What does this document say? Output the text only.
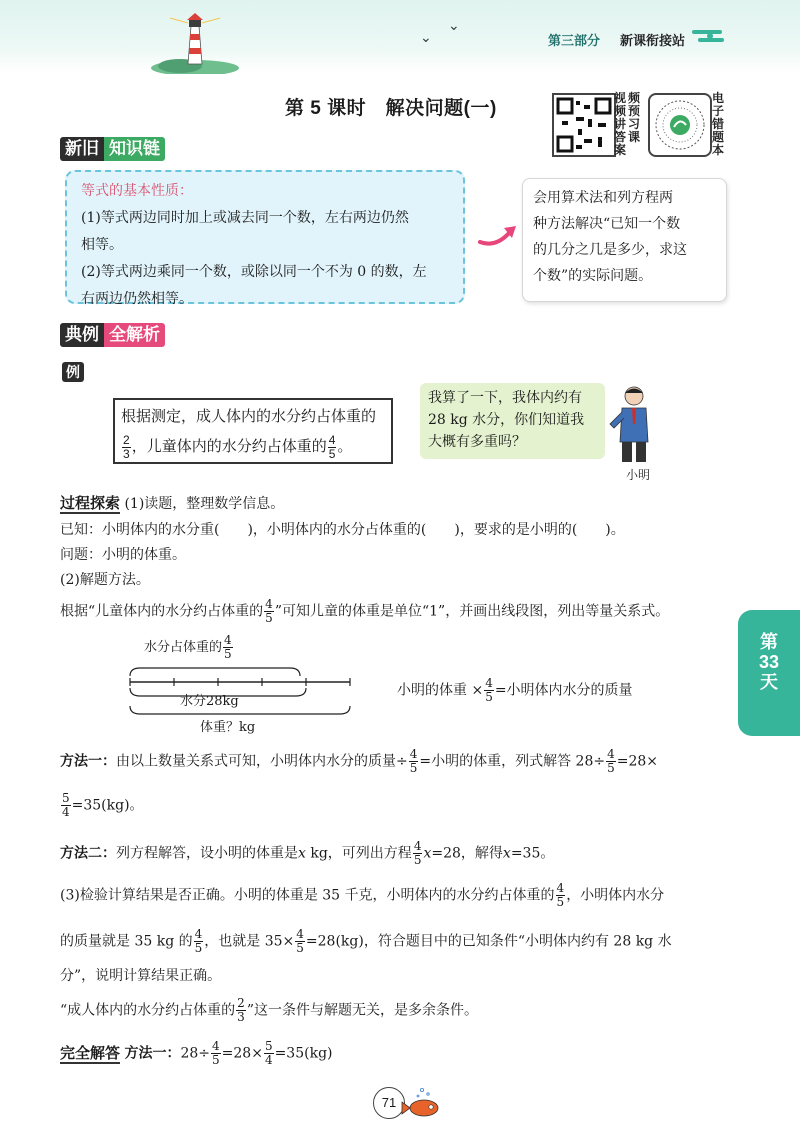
⌄
⌄
第三部分 新课衔接站
第 5 课时　解决问题(一)	视频讲答案
频预习课
电子错题本
新旧 知识链
等式的基本性质：
(1)等式两边同时加上或减去同一个数，左右两边仍然
相等。
(2)等式两边乘同一个数，或除以同一个不为 0 的数，左
右两边仍然相等。
会用算术法和列方程两
种方法解决“已知一个数
的几分之几是多少，求这
个数”的实际问题。
典例 全解析
例
根据测定，成人体内的水分约占体重的
$\frac{2}{3}$ ，儿童体内的水分约占体重的 $\frac{4}{5}$ 。
我算了一下，我体内约有
28 kg 水分，你们知道我
大概有多重吗？
小明
过程探索 (1)读题，整理数学信息。
已知：小明体内的水分重(　　)，小明体内的水分占体重的(　　)，要求的是小明的(　　)。
问题：小明的体重。
(2)解题方法。
根据“儿童体内的水分约占体重的 $\frac{4}{5}$ ”可知儿童的体重是单位“1”，并画出线段图，列出等量关系式。
水分占体重的 $\frac{4}{5}$
水分28kg
体重？kg
小明的体重 × $\frac{4}{5}$ =小明体内水分的质量
方法一：由以上数量关系式可知，小明体内水分的质量÷ $\frac{4}{5}$ =小明的体重，列式解答 $28\div \frac{4}{5} =28\times$
$\frac{5}{4} =35(kg)$。
方法二：列方程解答，设小明的体重是x kg，可列出方程 $\frac{4}{5} x=28$，解得x=35。
(3)检验计算结果是否正确。小明的体重是 35 千克，小明体内的水分约占体重的 $\frac{4}{5}$ ，小明体内水分
的质量就是 35 kg 的 $\frac{4}{5}$ ，也就是 $35\times \frac{4}{5} =28(kg)$，符合题目中的已知条件“小明体内约有 28 kg 水
分”，说明计算结果正确。
“成人体内的水分约占体重的 $\frac{2}{3}$ ”这一条件与解题无关，是多余条件。
完全解答 方法一：$28\div \frac{4}{5} =28\times \frac{5}{4} =35(kg)$
第
33
天
71
